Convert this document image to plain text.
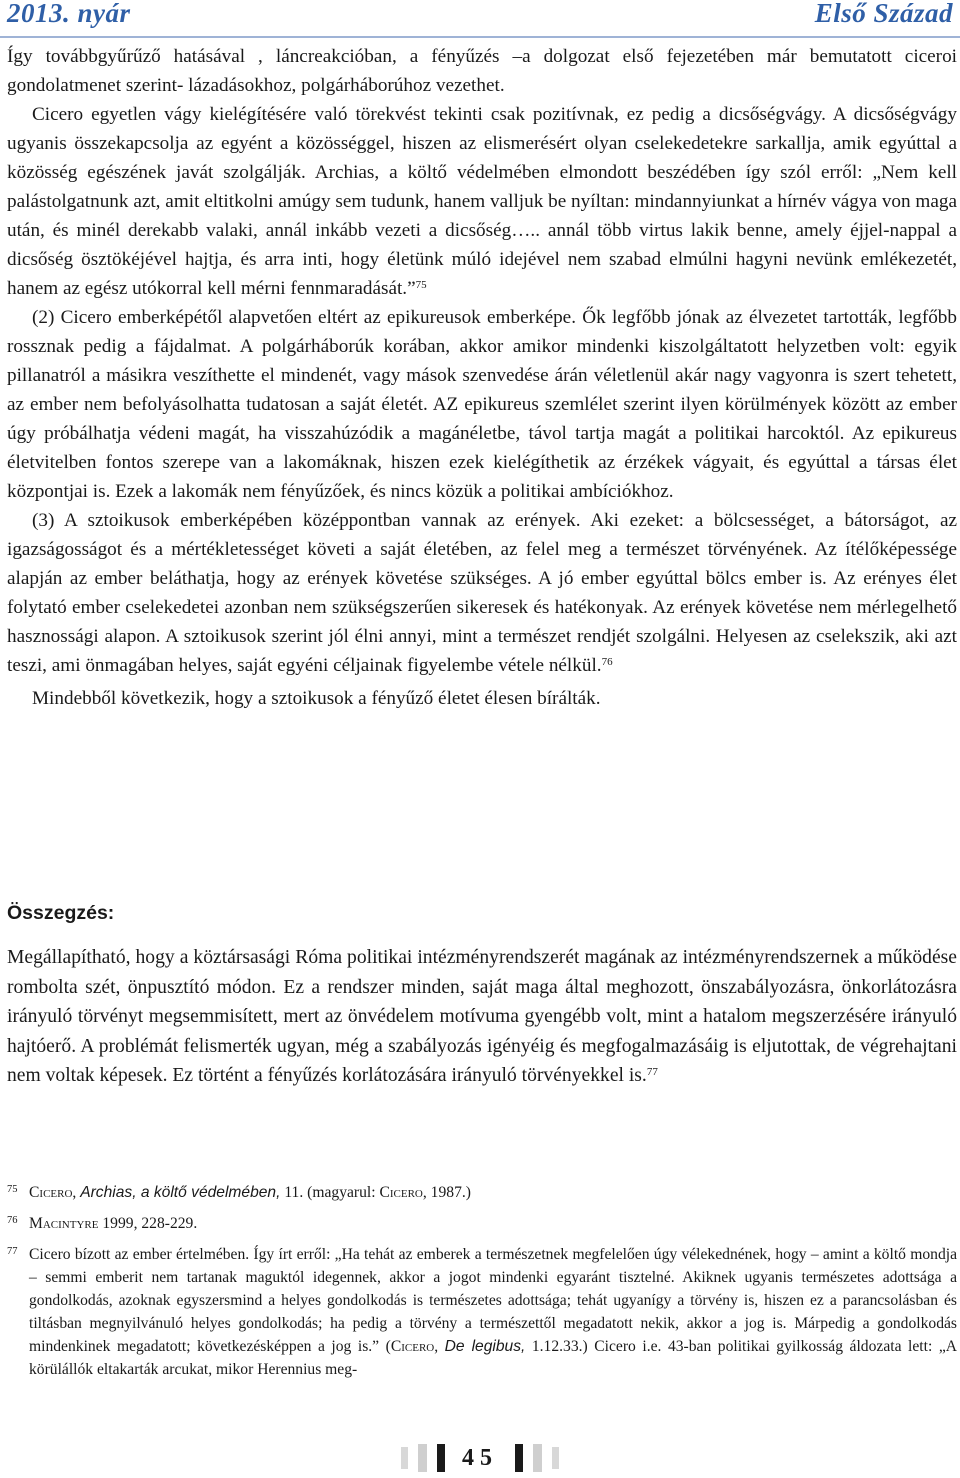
2013. nyár	Első Század

Így továbbgyűrűző hatásával , láncreakcióban, a fényűzés –a dolgozat első fejezetében már bemutatott ciceroi gondolatmenet szerint- lázadásokhoz, polgárháborúhoz vezethet.

Cicero egyetlen vágy kielégítésére való törekvést tekinti csak pozitívnak, ez pedig a dicsőségvágy. A dicsőségvágy ugyanis összekapcsolja az egyént a közösséggel, hiszen az elismerésért olyan cselekedetekre sarkallja, amik egyúttal a közösség egészének javát szolgálják. Archias, a költő védelmében elmondott beszédében így szól erről: „Nem kell palástolgatnunk azt, amit eltitkolni amúgy sem tudunk, hanem valljuk be nyíltan: mindannyiunkat a hírnév vágya von maga után, és minél derekabb valaki, annál inkább vezeti a dicsőség….. annál több virtus lakik benne, amely éjjel-nappal a dicsőség ösztökéjével hajtja, és arra inti, hogy életünk múló idejével nem szabad elmúlni hagyni nevünk emlékezetét, hanem az egész utókorral kell mérni fennmaradását.”$^{75}$

(2) Cicero emberképétől alapvetően eltért az epikureusok emberképe. Ők legfőbb jónak az élvezetet tartották, legfőbb rossznak pedig a fájdalmat. A polgárháborúk korában, akkor amikor mindenki kiszolgáltatott helyzetben volt: egyik pillanatról a másikra veszíthette el mindenét, vagy mások szenvedése árán véletlenül akár nagy vagyonra is szert tehetett, az ember nem befolyásolhatta tudatosan a saját életét. AZ epikureus szemlélet szerint ilyen körülmények között az ember úgy próbálhatja védeni magát, ha visszahúzódik a magánéletbe, távol tartja magát a politikai harcoktól. Az epikureus életvitelben fontos szerepe van a lakomáknak, hiszen ezek kielégíthetik az érzékek vágyait, és egyúttal a társas élet központjai is. Ezek a lakomák nem fényűzőek, és nincs közük a politikai ambíciókhoz.

(3) A sztoikusok emberképében középpontban vannak az erények. Aki ezeket: a bölcsességet, a bátorságot, az igazságosságot és a mértékletességet követi a saját életében, az felel meg a természet törvényének. Az ítélőképessége alapján az ember beláthatja, hogy az erények követése szükséges. A jó ember egyúttal bölcs ember is. Az erényes élet folytató ember cselekedetei azonban nem szükségszerűen sikeresek és hatékonyak. Az erények követése nem mérlegelhető hasznossági alapon. A sztoikusok szerint jól élni annyi, mint a természet rendjét szolgálni. Helyesen az cselekszik, aki azt teszi, ami önmagában helyes, saját egyéni céljainak figyelembe vétele nélkül.$^{76}$

Mindebből következik, hogy a sztoikusok a fényűző életet élesen bírálták.

Összegzés:

Megállapítható, hogy a köztársasági Róma politikai intézményrendszerét magának az intézményrendszernek a működése rombolta szét, önpusztító módon. Ez a rendszer minden, saját maga által meghozott, önszabályozásra, önkorlátozásra irányuló törvényt megsemmisített, mert az önvédelem motívuma gyengébb volt, mint a hatalom megszerzésére irányuló hajtóerő. A problémát felismerték ugyan, még a szabályozás igényéig és megfogalmazásáig is eljutottak, de végrehajtani nem voltak képesek. Ez történt a fényűzés korlátozására irányuló törvényekkel is.$^{77}$

75 Cicero, Archias, a költő védelmében, 11. (magyarul: Cicero, 1987.)
76 Macintyre 1999, 228-229.
77 Cicero bízott az ember értelmében. Így írt erről: „Ha tehát az emberek a természetnek megfelelően úgy vélekednének, hogy – amint a költő mondja – semmi emberit nem tartanak maguktól idegennek, akkor a jogot mindenki egyaránt tisztelné. Akiknek ugyanis természetes adottsága a gondolkodás, azoknak egyszersmind a helyes gondolkodás is természetes adottsága; tehát ugyanígy a törvény is, hiszen ez a parancsolásban és tiltásban megnyilvánuló helyes gondolkodás; ha pedig a törvény a természettől megadatott nekik, akkor a jog is. Márpedig a gondolkodás mindenkinek megadatott; következésképpen a jog is.” (Cicero, De legibus, 1.12.33.) Cicero i.e. 43-ban politikai gyilkosság áldozata lett: „A körülállók eltakarták arcukat, mikor Herennius meg-
45
